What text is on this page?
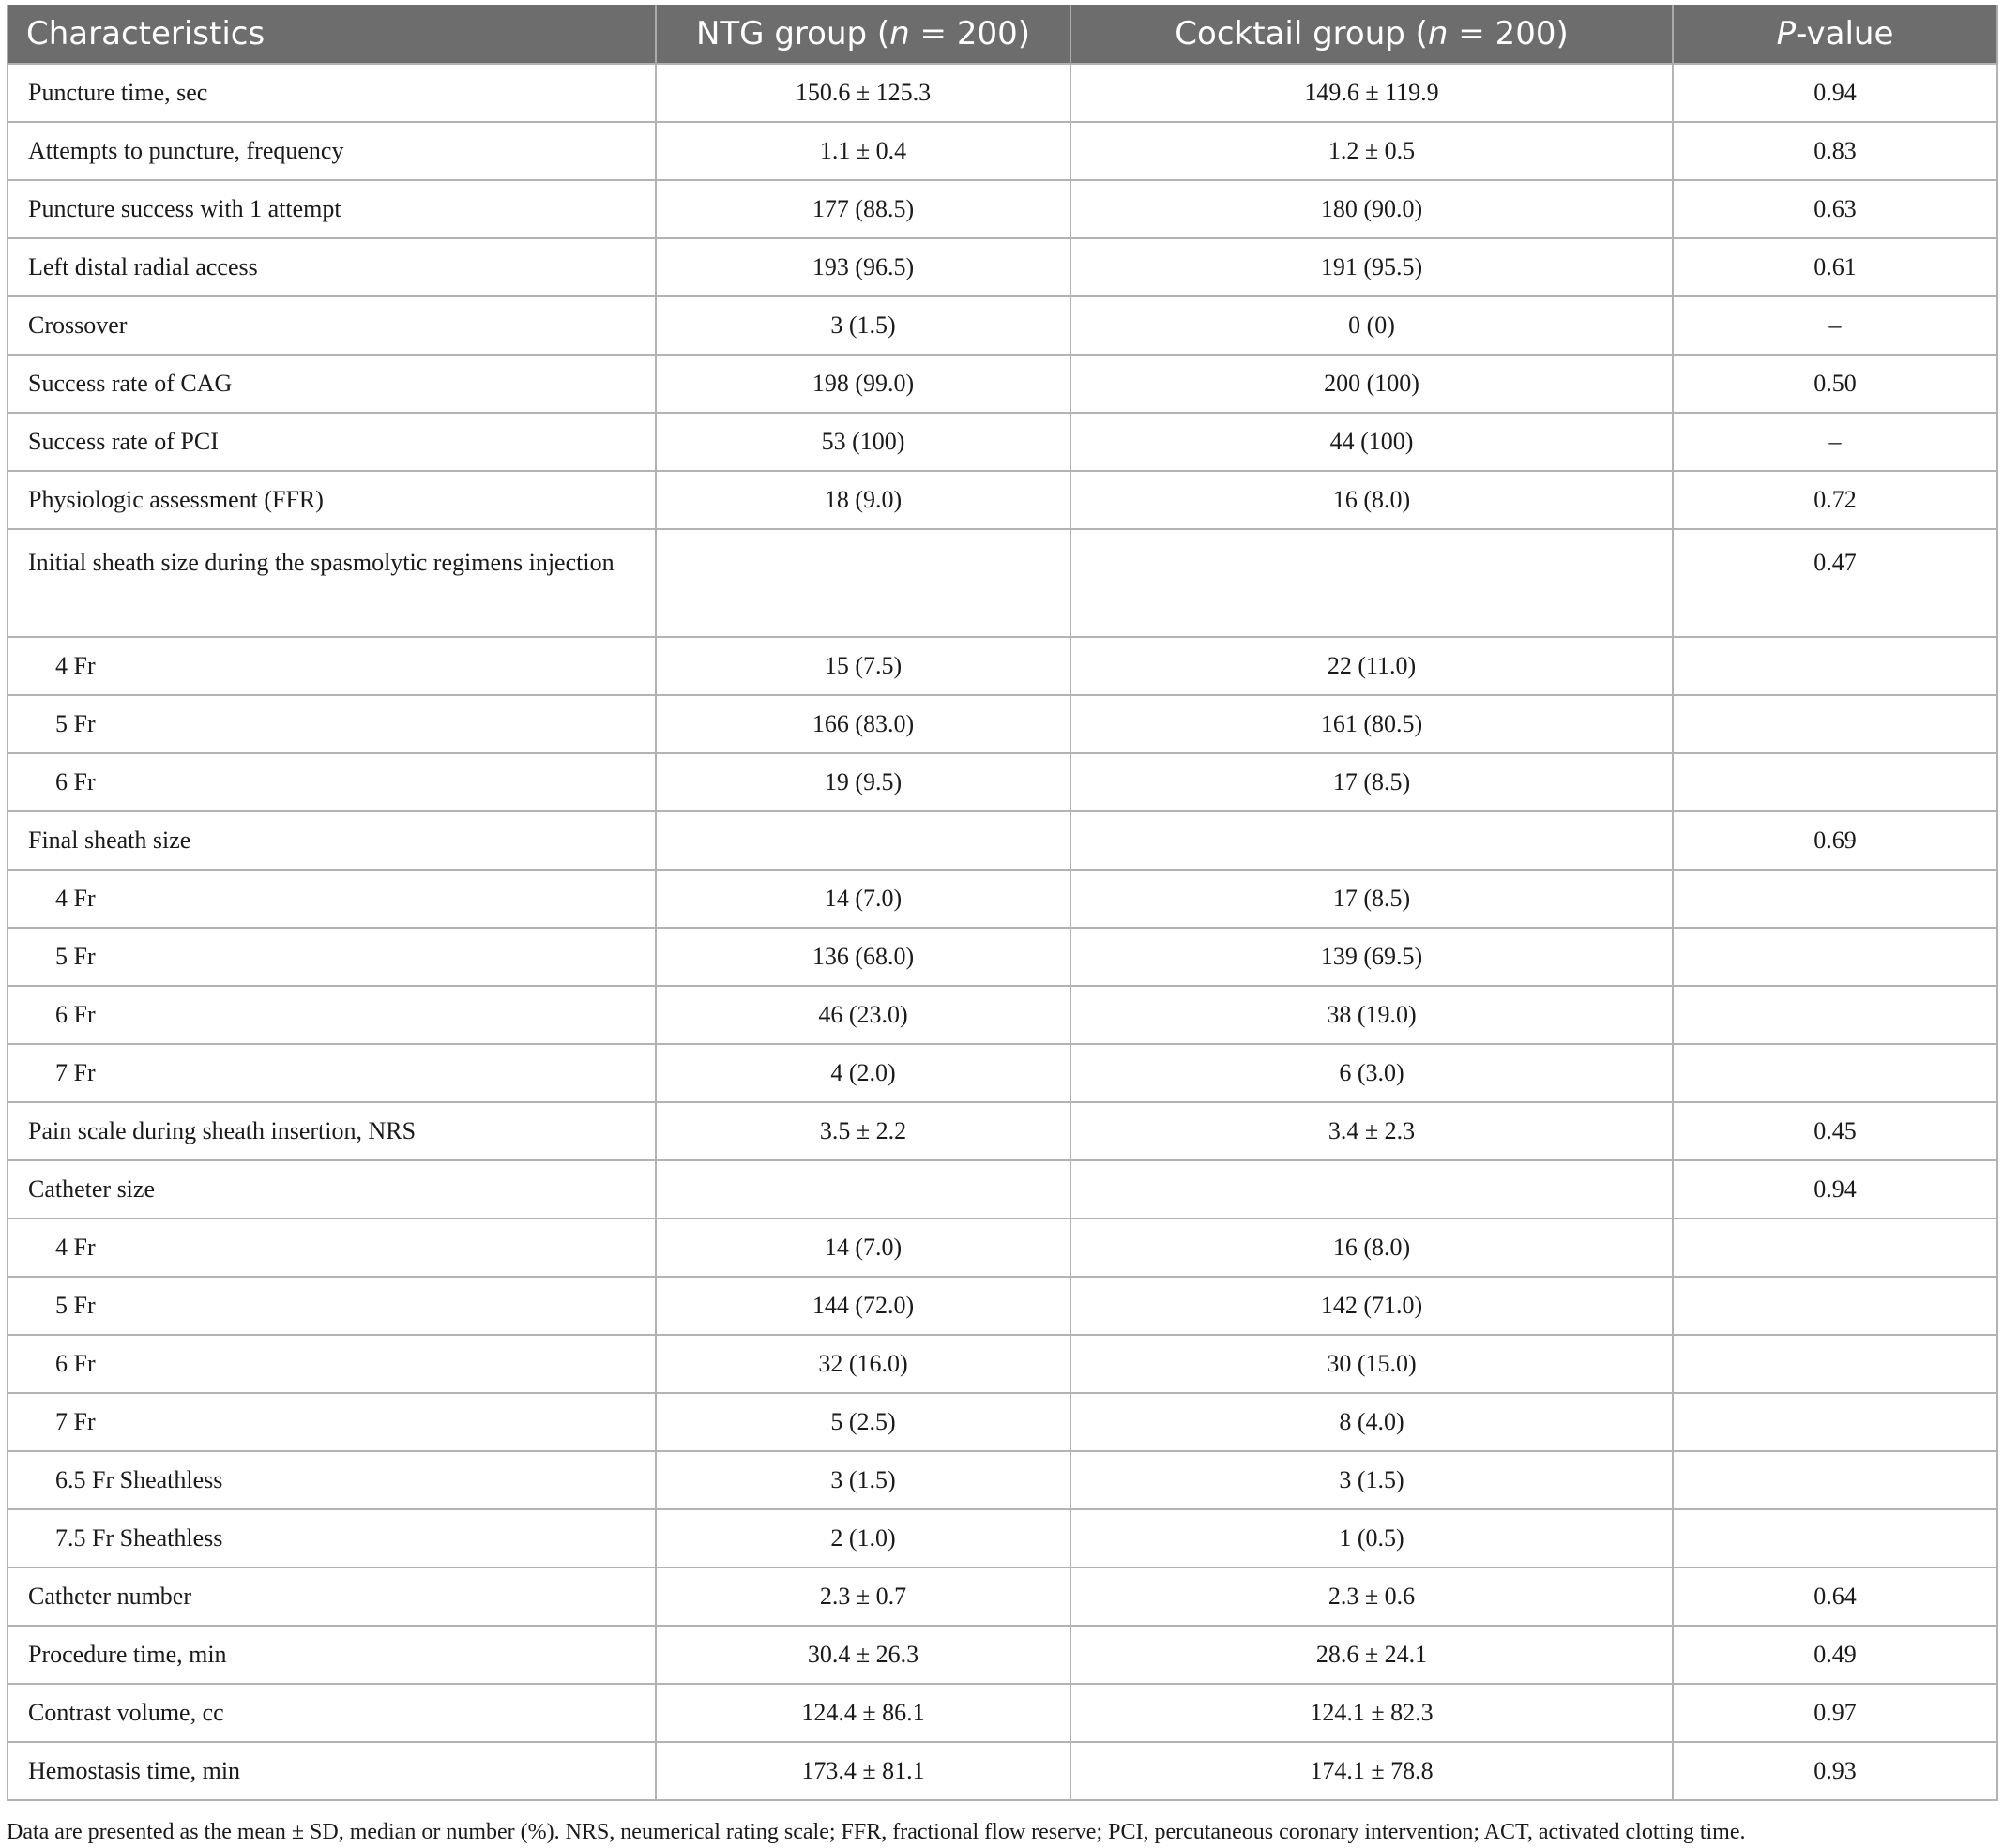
Characteristics	NTG group (n = 200)	Cocktail group (n = 200)	P-value
Puncture time, sec	150.6 ± 125.3	149.6 ± 119.9	0.94
Attempts to puncture, frequency	1.1 ± 0.4	1.2 ± 0.5	0.83
Puncture success with 1 attempt	177 (88.5)	180 (90.0)	0.63
Left distal radial access	193 (96.5)	191 (95.5)	0.61
Crossover	3 (1.5)	0 (0)	–
Success rate of CAG	198 (99.0)	200 (100)	0.50
Success rate of PCI	53 (100)	44 (100)	–
Physiologic assessment (FFR)	18 (9.0)	16 (8.0)	0.72
Initial sheath size during the spasmolytic regimens injection			0.47
4 Fr	15 (7.5)	22 (11.0)	
5 Fr	166 (83.0)	161 (80.5)	
6 Fr	19 (9.5)	17 (8.5)	
Final sheath size			0.69
4 Fr	14 (7.0)	17 (8.5)	
5 Fr	136 (68.0)	139 (69.5)	
6 Fr	46 (23.0)	38 (19.0)	
7 Fr	4 (2.0)	6 (3.0)	
Pain scale during sheath insertion, NRS	3.5 ± 2.2	3.4 ± 2.3	0.45
Catheter size			0.94
4 Fr	14 (7.0)	16 (8.0)	
5 Fr	144 (72.0)	142 (71.0)	
6 Fr	32 (16.0)	30 (15.0)	
7 Fr	5 (2.5)	8 (4.0)	
6.5 Fr Sheathless	3 (1.5)	3 (1.5)	
7.5 Fr Sheathless	2 (1.0)	1 (0.5)	
Catheter number	2.3 ± 0.7	2.3 ± 0.6	0.64
Procedure time, min	30.4 ± 26.3	28.6 ± 24.1	0.49
Contrast volume, cc	124.4 ± 86.1	124.1 ± 82.3	0.97
Hemostasis time, min	173.4 ± 81.1	174.1 ± 78.8	0.93
Data are presented as the mean ± SD, median or number (%). NRS, neumerical rating scale; FFR, fractional flow reserve; PCI, percutaneous coronary intervention; ACT, activated clotting time.
